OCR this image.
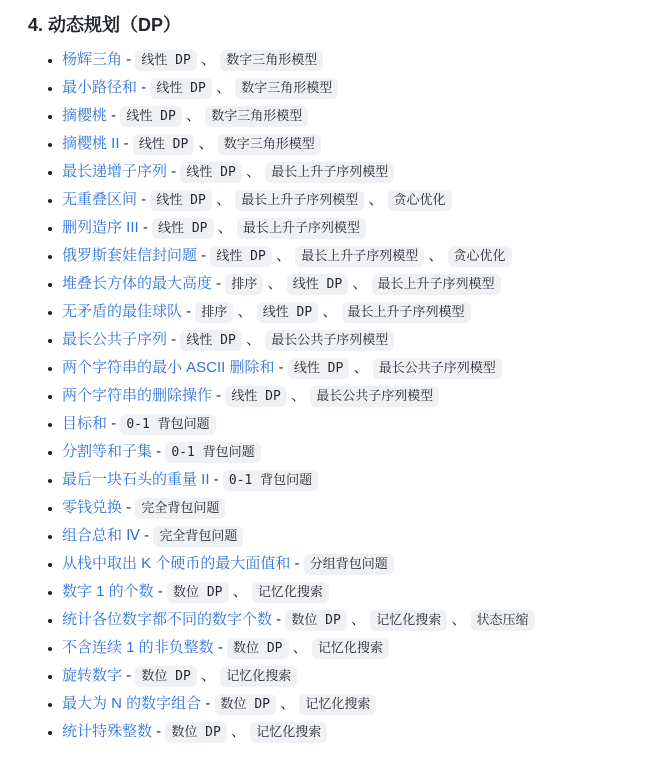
4. 动态规划（DP）
• 杨辉三角 - 线性 DP 、 数字三角形模型
• 最小路径和 - 线性 DP 、 数字三角形模型
• 摘樱桃 - 线性 DP 、 数字三角形模型
• 摘樱桃 II - 线性 DP 、 数字三角形模型
• 最长递增子序列 - 线性 DP 、 最长上升子序列模型
• 无重叠区间 - 线性 DP 、 最长上升子序列模型 、 贪心优化
• 删列造序 III - 线性 DP 、 最长上升子序列模型
• 俄罗斯套娃信封问题 - 线性 DP 、 最长上升子序列模型 、 贪心优化
• 堆叠长方体的最大高度 - 排序 、 线性 DP 、 最长上升子序列模型
• 无矛盾的最佳球队 - 排序 、 线性 DP 、 最长上升子序列模型
• 最长公共子序列 - 线性 DP 、 最长公共子序列模型
• 两个字符串的最小 ASCII 删除和 - 线性 DP 、 最长公共子序列模型
• 两个字符串的删除操作 - 线性 DP 、 最长公共子序列模型
• 目标和 - 0-1 背包问题
• 分割等和子集 - 0-1 背包问题
• 最后一块石头的重量 II - 0-1 背包问题
• 零钱兑换 - 完全背包问题
• 组合总和 Ⅳ - 完全背包问题
• 从栈中取出 K 个硬币的最大面值和 - 分组背包问题
• 数字 1 的个数 - 数位 DP 、 记忆化搜索
• 统计各位数字都不同的数字个数 - 数位 DP 、 记忆化搜索 、 状态压缩
• 不含连续 1 的非负整数 - 数位 DP 、 记忆化搜索
• 旋转数字 - 数位 DP 、 记忆化搜索
• 最大为 N 的数字组合 - 数位 DP 、 记忆化搜索
• 统计特殊整数 - 数位 DP 、 记忆化搜索
